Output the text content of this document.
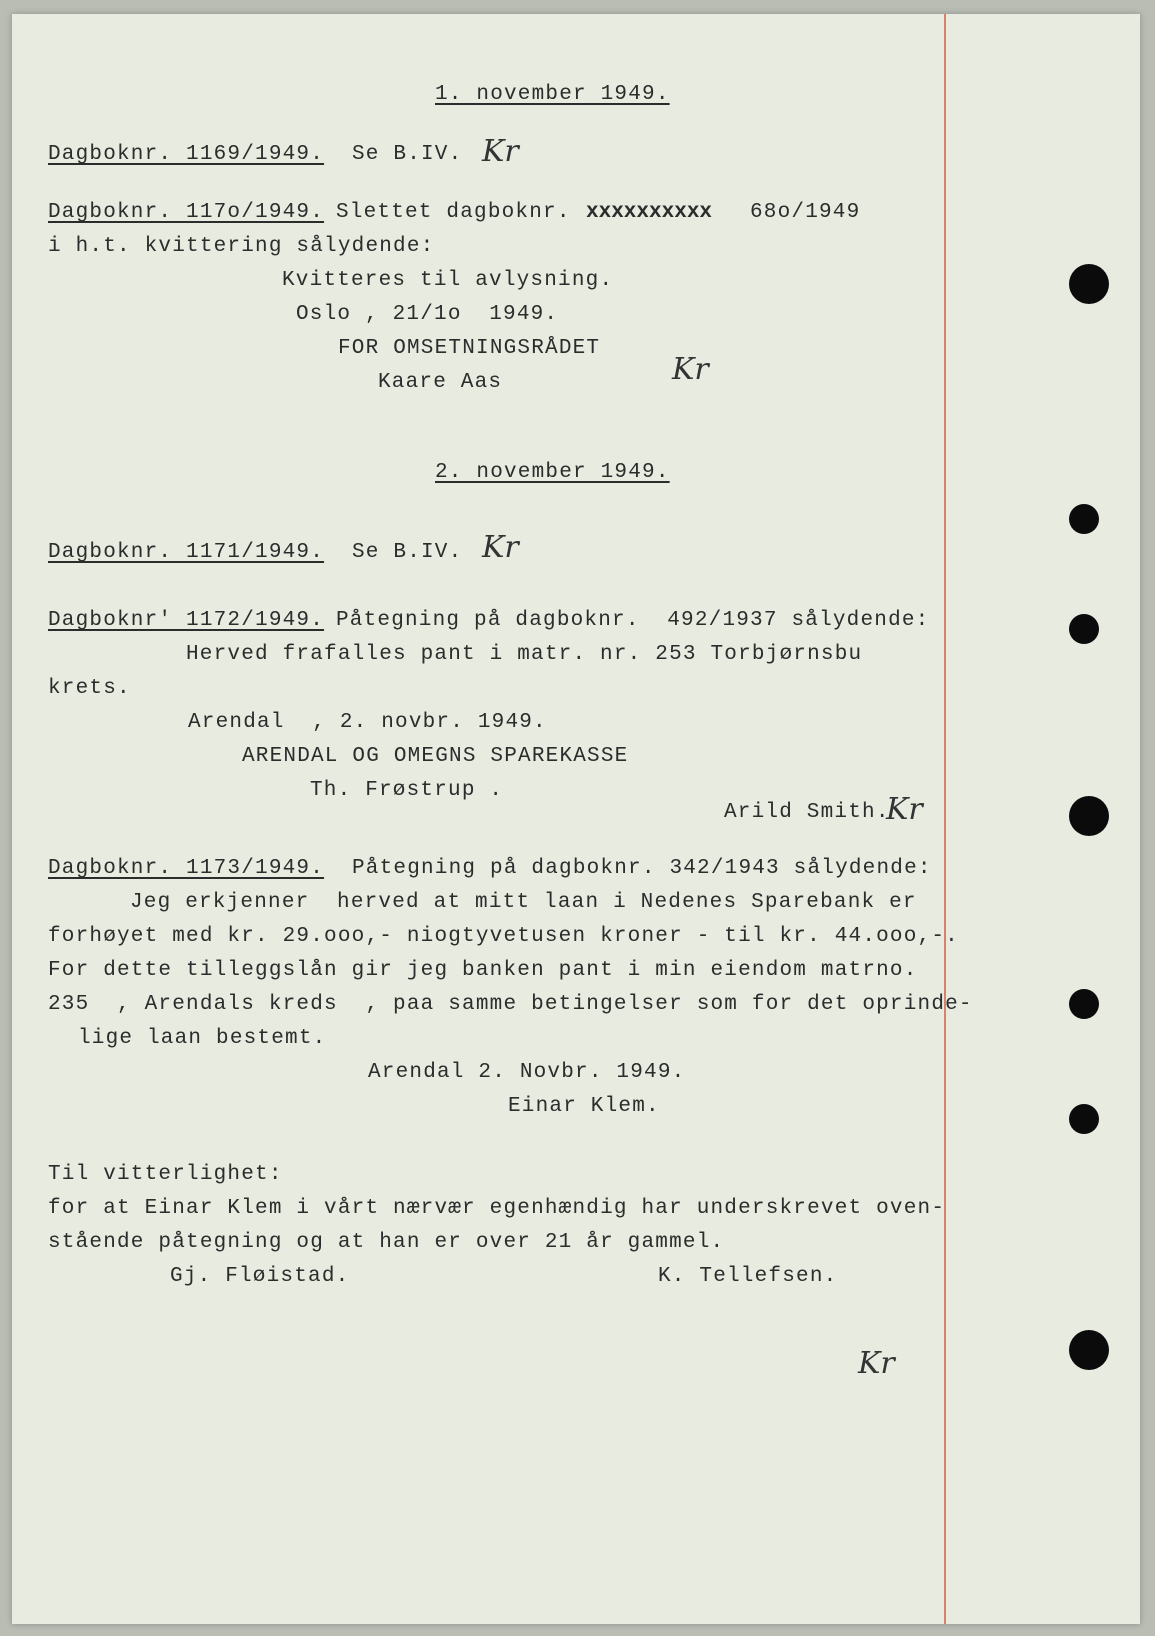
1. november 1949.
Dagboknr. 1169/1949. Se B.IV. Kr
Dagboknr. 117o/1949. Slettet dagboknr. xxxxxxxxxx 68o/1949
i h.t. kvittering sålydende:
Kvitteres til avlysning.
Oslo , 21/1o  1949.
FOR OMSETNINGSRÅDET
Kaare Aas	Kr
2. november 1949.
Dagboknr. 1171/1949. Se B.IV. Kr
Dagboknr' 1172/1949. Påtegning på dagboknr.  492/1937 sålydende:
Herved frafalles pant i matr. nr. 253 Torbjørnsbu
krets.
Arendal  , 2. novbr. 1949.
ARENDAL OG OMEGNS SPAREKASSE
Th. Frøstrup .
Arild Smith.
Kr
Dagboknr. 1173/1949. Påtegning på dagboknr. 342/1943 sålydende:
Jeg erkjenner  herved at mitt laan i Nedenes Sparebank er
forhøyet med kr. 29.ooo,- niogtyvetusen kroner - til kr. 44.ooo,-.
For dette tilleggslån gir jeg banken pant i min eiendom matrno.
235  , Arendals kreds  , paa samme betingelser som for det oprinde-
lige laan bestemt.
Arendal 2. Novbr. 1949.
Einar Klem.
Til vitterlighet:
for at Einar Klem i vårt nærvær egenhændig har underskrevet oven-
stående påtegning og at han er over 21 år gammel.
Gj. Fløistad.	K. Tellefsen.
Kr
